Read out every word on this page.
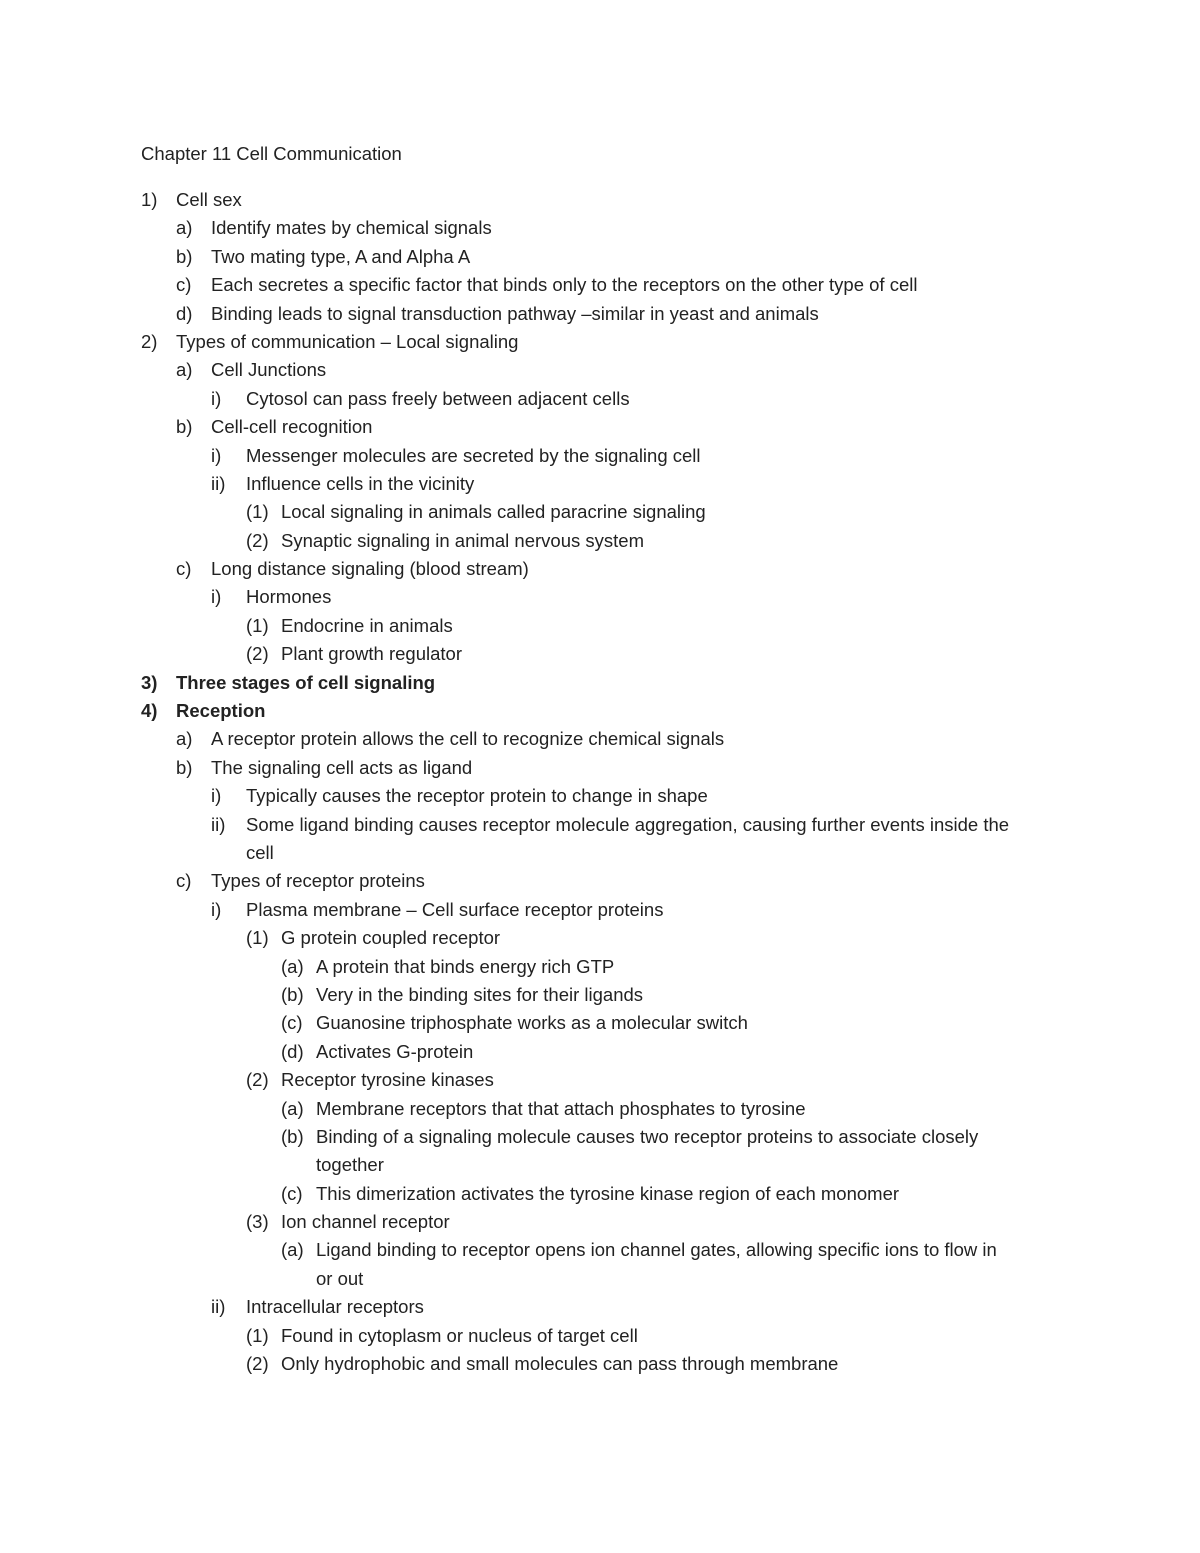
Chapter 11 Cell Communication
1) Cell sex
a) Identify mates by chemical signals
b) Two mating type, A and Alpha A
c) Each secretes a specific factor that binds only to the receptors on the other type of cell
d) Binding leads to signal transduction pathway –similar in yeast and animals
2) Types of communication – Local signaling
a) Cell Junctions
i) Cytosol can pass freely between adjacent cells
b) Cell-cell recognition
i) Messenger molecules are secreted by the signaling cell
ii) Influence cells in the vicinity
(1) Local signaling in animals called paracrine signaling
(2) Synaptic signaling in animal nervous system
c) Long distance signaling (blood stream)
i) Hormones
(1) Endocrine in animals
(2) Plant growth regulator
3) Three stages of cell signaling
4) Reception
a) A receptor protein allows the cell to recognize chemical signals
b) The signaling cell acts as ligand
i) Typically causes the receptor protein to change in shape
ii) Some ligand binding causes receptor molecule aggregation, causing further events inside the
cell
c) Types of receptor proteins
i) Plasma membrane – Cell surface receptor proteins
(1) G protein coupled receptor
(a) A protein that binds energy rich GTP
(b) Very in the binding sites for their ligands
(c) Guanosine triphosphate works as a molecular switch
(d) Activates G-protein
(2) Receptor tyrosine kinases
(a) Membrane receptors that that attach phosphates to tyrosine
(b) Binding of a signaling molecule causes two receptor proteins to associate closely
together
(c) This dimerization activates the tyrosine kinase region of each monomer
(3) Ion channel receptor
(a) Ligand binding to receptor opens ion channel gates, allowing specific ions to flow in
or out
ii) Intracellular receptors
(1) Found in cytoplasm or nucleus of target cell
(2) Only hydrophobic and small molecules can pass through membrane
